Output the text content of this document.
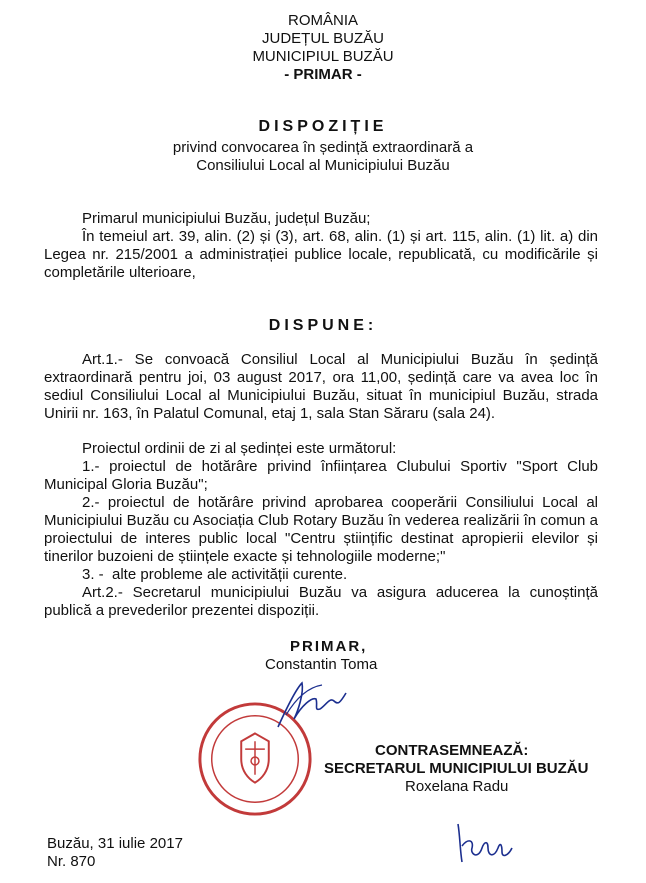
ROMÂNIA
JUDEȚUL BUZĂU
MUNICIPIUL BUZĂU
- PRIMAR -
DISPOZIȚIE
privind convocarea în ședință extraordinară a
Consiliului Local al Municipiului Buzău
Primarul municipiului Buzău, județul Buzău;
În temeiul art. 39, alin. (2) și (3), art. 68, alin. (1) și art. 115, alin. (1) lit. a) din Legea nr. 215/2001 a administrației publice locale, republicată, cu modificările și completările ulterioare,
DISPUNE:
Art.1.- Se convoacă Consiliul Local al Municipiului Buzău în ședință extraordinară pentru joi, 03 august 2017, ora 11,00, ședință care va avea loc în sediul Consiliului Local al Municipiului Buzău, situat în municipiul Buzău, strada Unirii nr. 163, în Palatul Comunal, etaj 1, sala Stan Săraru (sala 24).
Proiectul ordinii de zi al ședinței este următorul:
1.- proiectul de hotărâre privind înființarea Clubului Sportiv "Sport Club Municipal Gloria Buzău";
2.- proiectul de hotărâre privind aprobarea cooperării Consiliului Local al Municipiului Buzău cu Asociația Club Rotary Buzău în vederea realizării în comun a proiectului de interes public local "Centru științific destinat apropierii elevilor și tinerilor buzoieni de științele exacte și tehnologiile moderne;"
3. -  alte probleme ale activității curente.
Art.2.- Secretarul municipiului Buzău va asigura aducerea la cunoștință publică a prevederilor prezentei dispoziții.
PRIMAR,
Constantin Toma
CONTRASEMNEAZĂ:
SECRETARUL MUNICIPIULUI BUZĂU
Roxelana Radu
Buzău, 31 iulie 2017
Nr. 870
